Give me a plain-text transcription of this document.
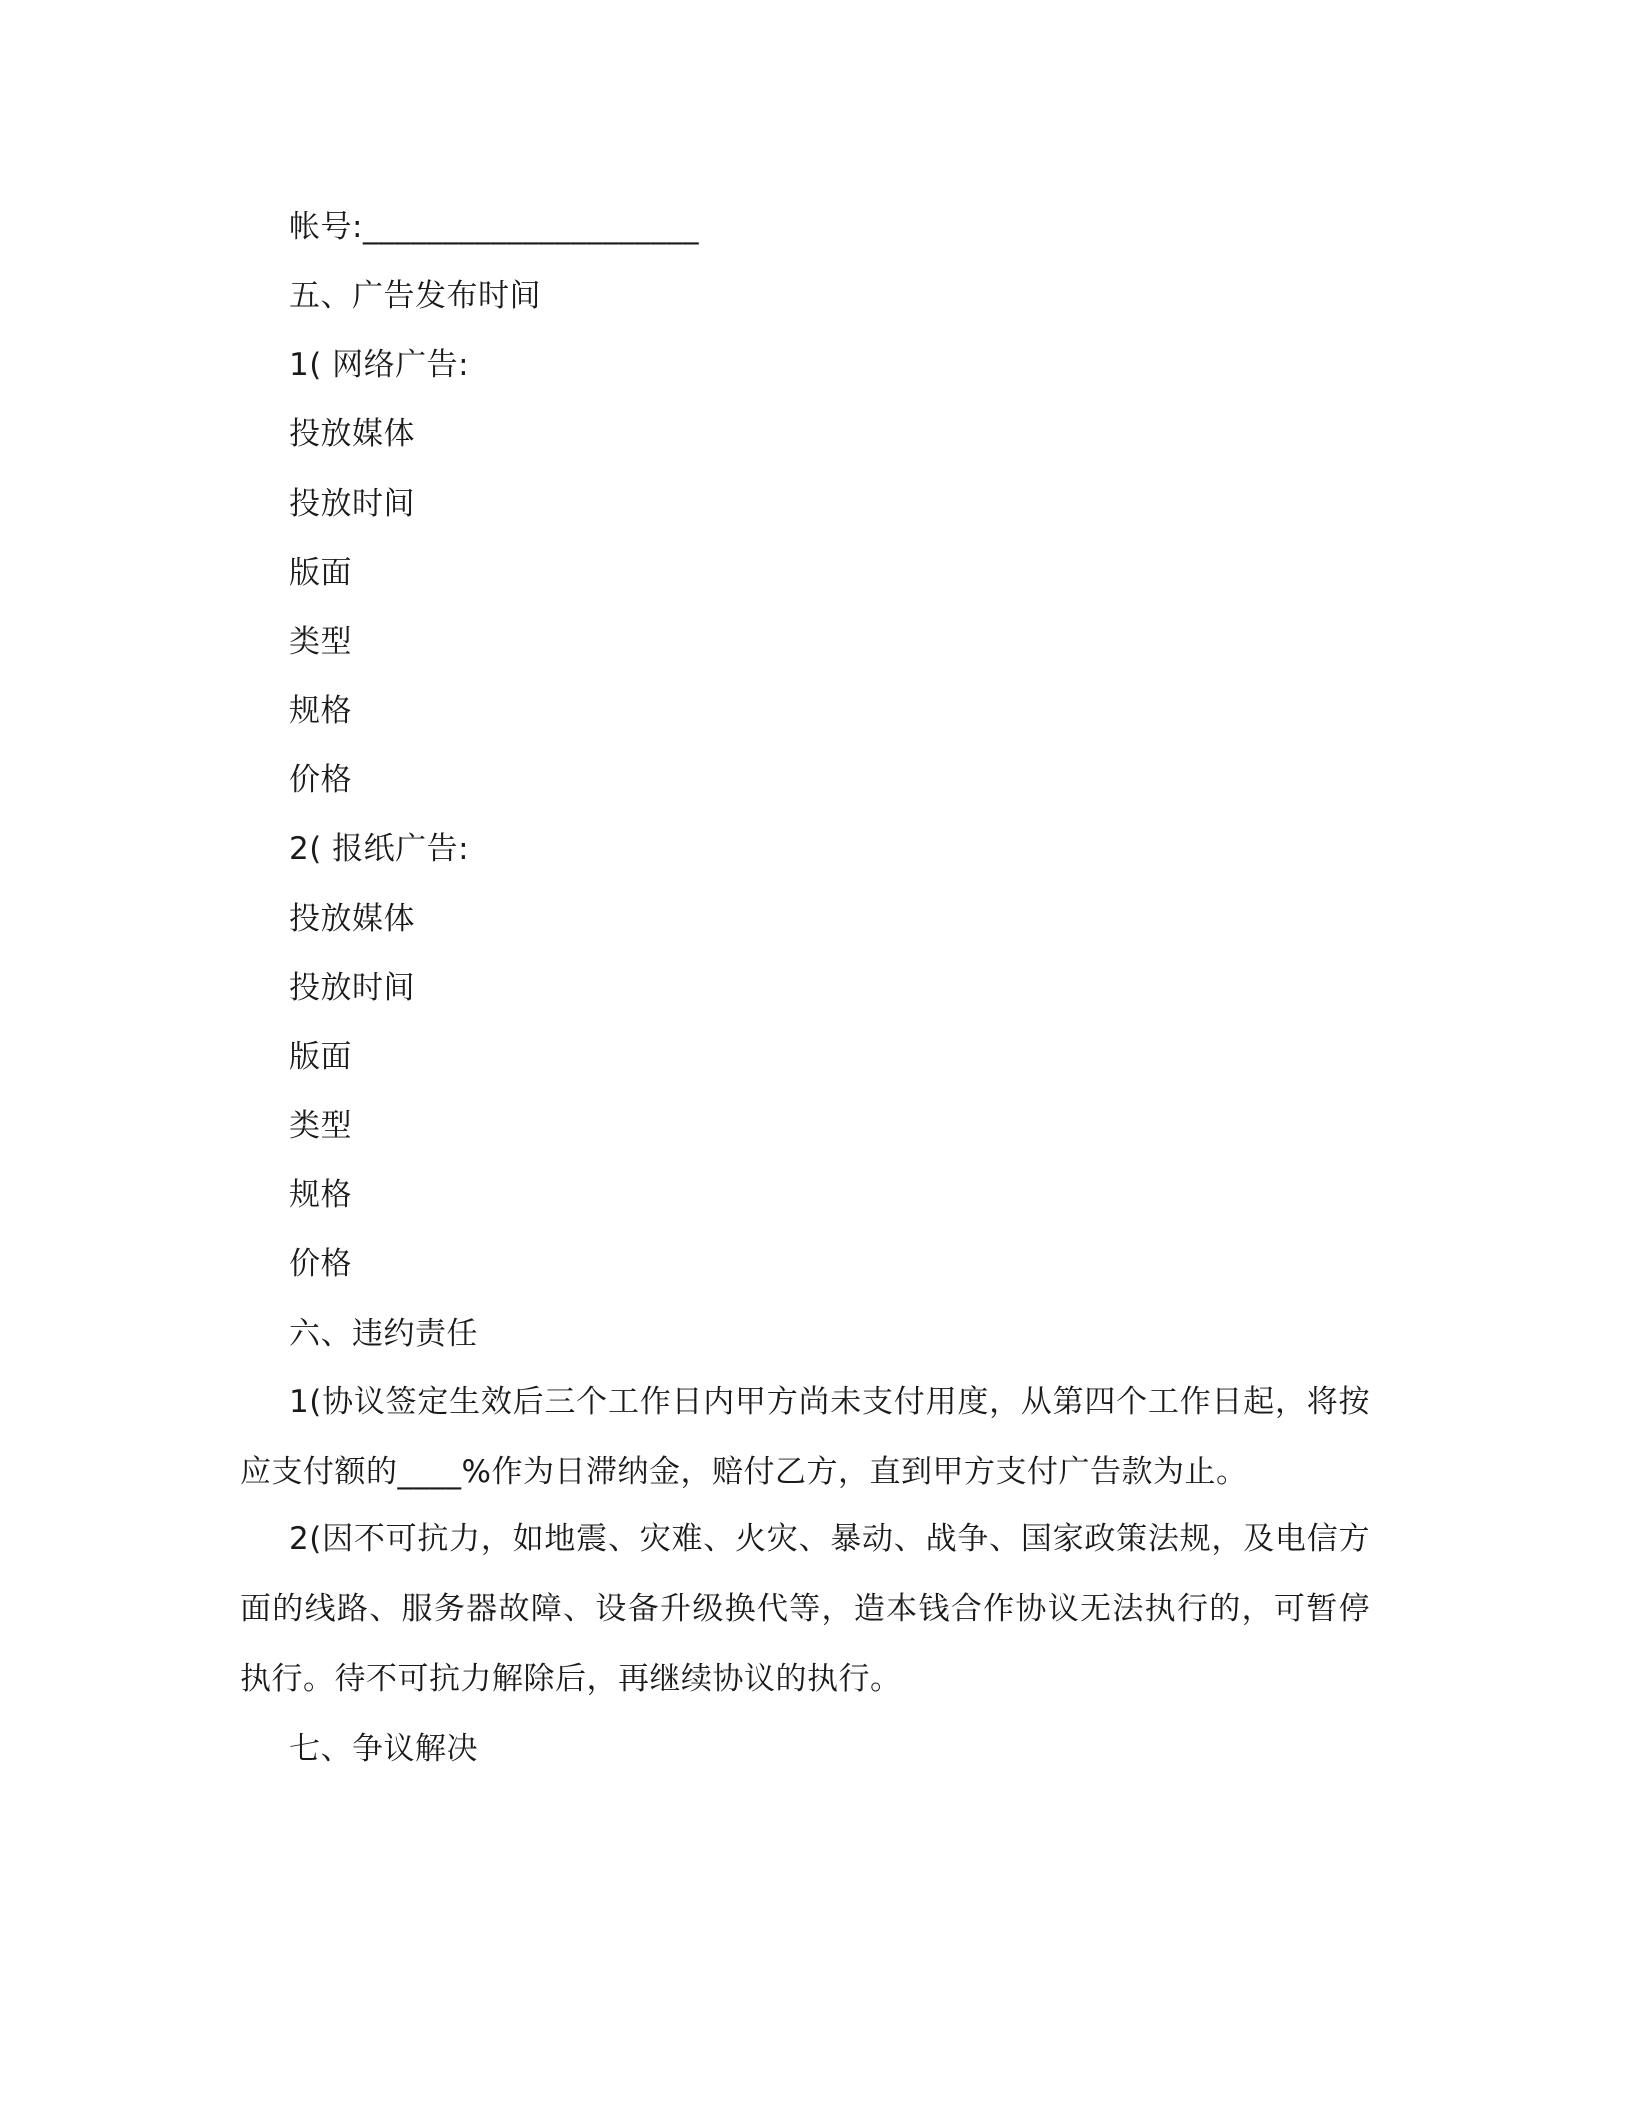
帐号:_____________________
五、广告发布时间
1( 网络广告:
投放媒体
投放时间
版面
类型
规格
价格
2( 报纸广告:
投放媒体
投放时间
版面
类型
规格
价格
六、违约责任
1(协议签定生效后三个工作日内甲方尚未支付用度，从第四个工作日起，将按应支付额的____%作为日滞纳金，赔付乙方，直到甲方支付广告款为止。
2(因不可抗力，如地震、灾难、火灾、暴动、战争、国家政策法规，及电信方面的线路、服务器故障、设备升级换代等，造本钱合作协议无法执行的，可暂停执行。待不可抗力解除后，再继续协议的执行。
七、争议解决
